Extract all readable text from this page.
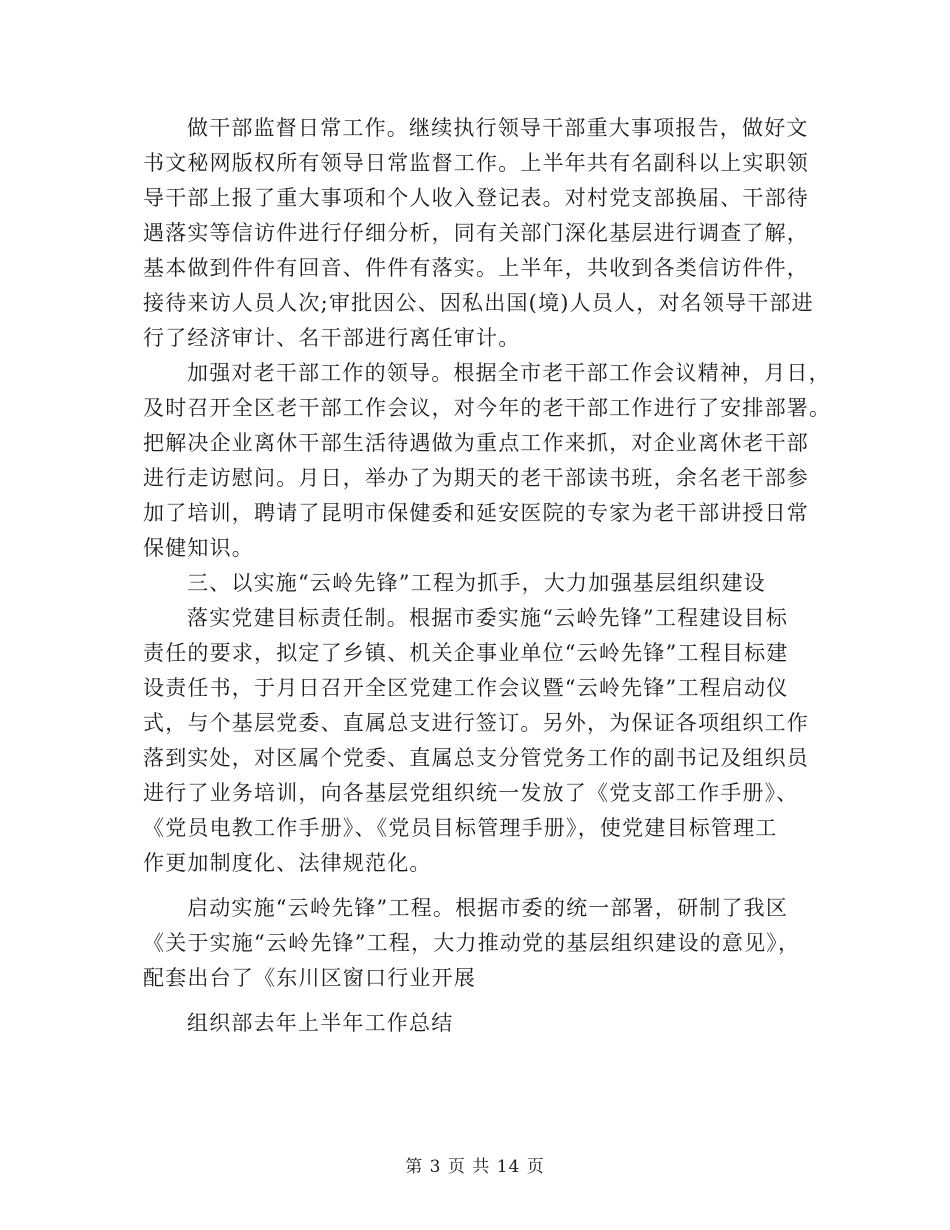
做干部监督日常工作。继续执行领导干部重大事项报告，做好文
书文秘网版权所有领导日常监督工作。上半年共有名副科以上实职领
导干部上报了重大事项和个人收入登记表。对村党支部换届、干部待
遇落实等信访件进行仔细分析，同有关部门深化基层进行调查了解，
基本做到件件有回音、件件有落实。上半年，共收到各类信访件件，
接待来访人员人次;审批因公、因私出国(境)人员人，对名领导干部进
行了经济审计、名干部进行离任审计。
加强对老干部工作的领导。根据全市老干部工作会议精神，月日，
及时召开全区老干部工作会议，对今年的老干部工作进行了安排部署。
把解决企业离休干部生活待遇做为重点工作来抓，对企业离休老干部
进行走访慰问。月日，举办了为期天的老干部读书班，余名老干部参
加了培训，聘请了昆明市保健委和延安医院的专家为老干部讲授日常
保健知识。
三、以实施“云岭先锋”工程为抓手，大力加强基层组织建设
落实党建目标责任制。根据市委实施“云岭先锋”工程建设目标
责任的要求，拟定了乡镇、机关企事业单位“云岭先锋”工程目标建
设责任书，于月日召开全区党建工作会议暨“云岭先锋”工程启动仪
式，与个基层党委、直属总支进行签订。另外，为保证各项组织工作
落到实处，对区属个党委、直属总支分管党务工作的副书记及组织员
进行了业务培训，向各基层党组织统一发放了《党支部工作手册》、
《党员电教工作手册》、《党员目标管理手册》，使党建目标管理工
作更加制度化、法律规范化。
启动实施“云岭先锋”工程。根据市委的统一部署，研制了我区
《关于实施“云岭先锋”工程，大力推动党的基层组织建设的意见》，
配套出台了《东川区窗口行业开展
组织部去年上半年工作总结
第 3 页 共 14 页
